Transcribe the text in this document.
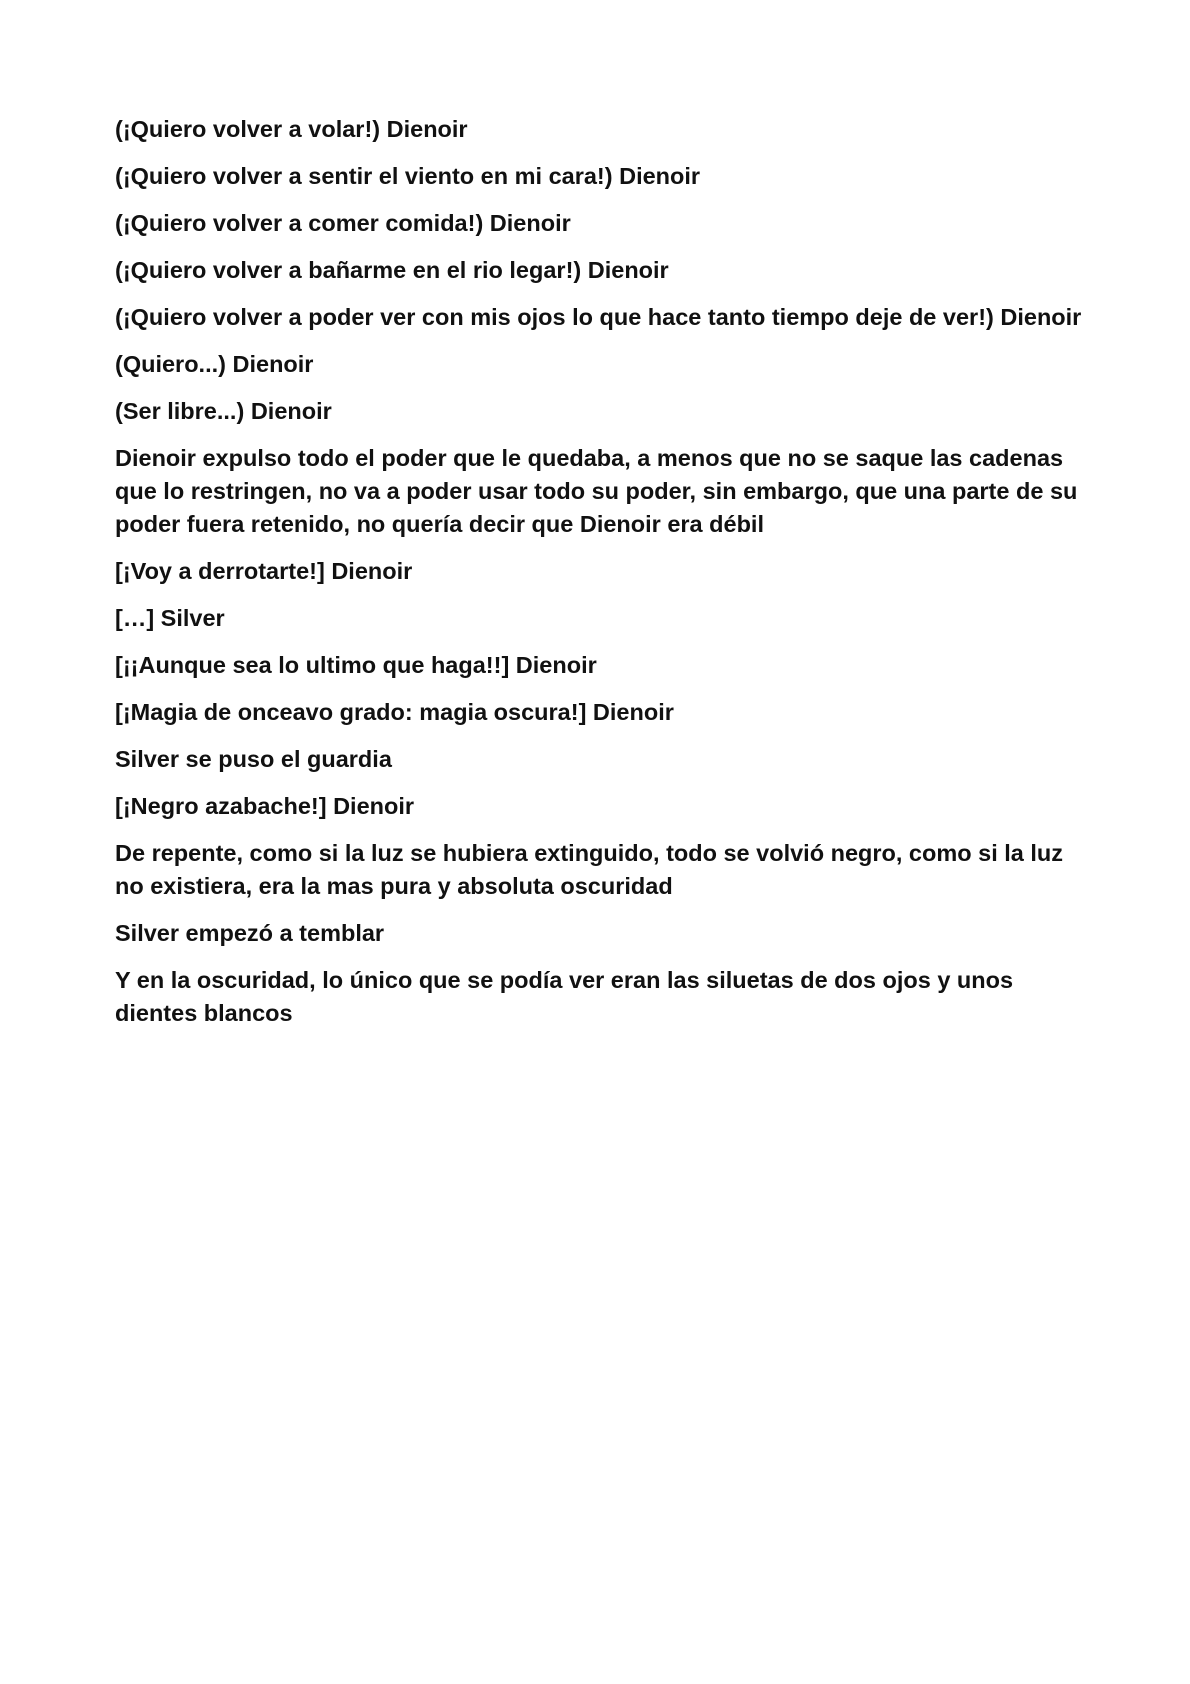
(¡Quiero volver a volar!) Dienoir

(¡Quiero volver a sentir el viento en mi cara!) Dienoir

(¡Quiero volver a comer comida!) Dienoir

(¡Quiero volver a bañarme en el rio legar!) Dienoir

(¡Quiero volver a poder ver con mis ojos lo que hace tanto tiempo deje de ver!) Dienoir

(Quiero...) Dienoir

(Ser libre...) Dienoir

Dienoir expulso todo el poder que le quedaba, a menos que no se saque las cadenas que lo restringen, no va a poder usar todo su poder, sin embargo, que una parte de su poder fuera retenido, no quería decir que Dienoir era débil

[¡Voy a derrotarte!] Dienoir

[…] Silver

[¡¡Aunque sea lo ultimo que haga!!] Dienoir

[¡Magia de onceavo grado: magia oscura!] Dienoir

Silver se puso el guardia

[¡Negro azabache!] Dienoir

De repente, como si la luz se hubiera extinguido, todo se volvió negro, como si la luz no existiera, era la mas pura y absoluta oscuridad

Silver empezó a temblar

Y en la oscuridad, lo único que se podía ver eran las siluetas de dos ojos y unos dientes blancos
